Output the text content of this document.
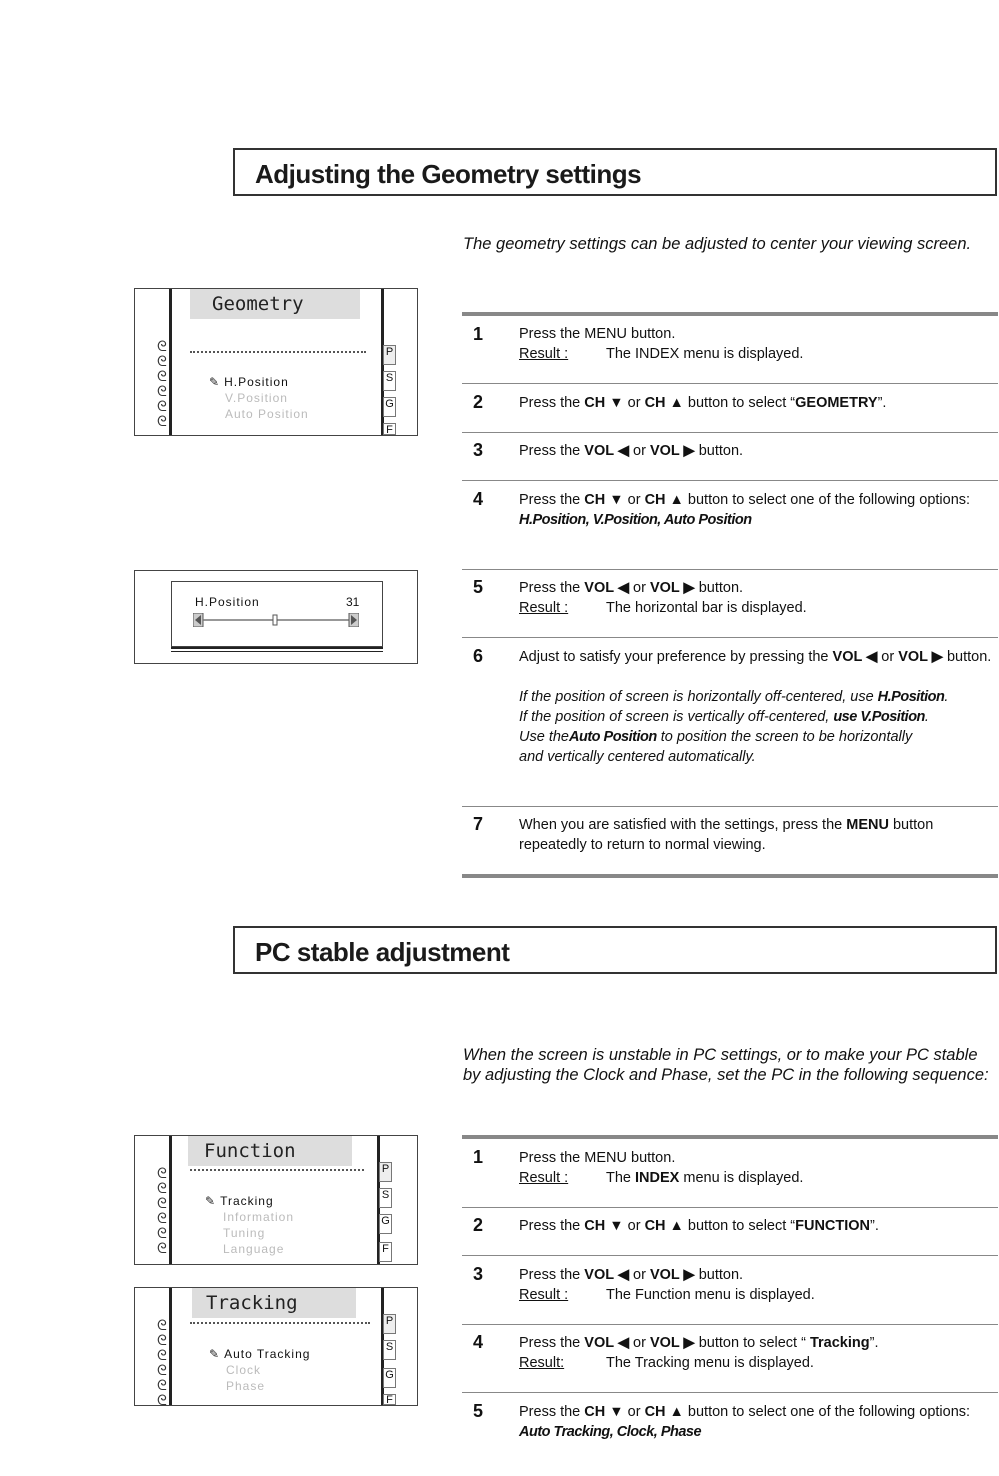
Adjusting the Geometry settings
The geometry settings can be adjusted to center your viewing screen.
ᘓ
ᘓ
ᘓ
ᘓ
ᘓ
ᘓ
Geometry
✎ H.Position
V.Position
Auto Position
P
S
G
F
H.Position	31
1 Press the MENU button.
Result :	The INDEX menu is displayed.
2 Press the CH ▼ or CH ▲ button to select “GEOMETRY”.
3 Press the VOL ◀ or VOL ▶ button.
4 Press the CH ▼ or CH ▲ button to select one of the following options:
H.Position, V.Position, Auto Position
5 Press the VOL ◀ or VOL ▶ button.
Result :	The horizontal bar is displayed.
6 Adjust to satisfy your preference by pressing the VOL ◀ or VOL ▶ button.
If the position of screen is horizontally off-centered, use H.Position.
If the position of screen is vertically off-centered, use V.Position.
Use theAuto Position to position the screen to be horizontally
and vertically centered automatically.
7 When you are satisfied with the settings, press the MENU button repeatedly to return to normal viewing.
PC stable adjustment
When the screen is unstable in PC settings, or to make your PC stable by adjusting the Clock and Phase, set the PC in the following sequence:
ᘓ
ᘓ
ᘓ
ᘓ
ᘓ
ᘓ
Function
✎ Tracking
Information
Tuning
Language
P
S
G
F
ᘓ
ᘓ
ᘓ
ᘓ
ᘓ
ᘓ
Tracking
✎ Auto Tracking
Clock
Phase
P
S
G
F
1 Press the MENU button.
Result :	The INDEX menu is displayed.
2 Press the CH ▼ or CH ▲ button to select “FUNCTION”.
3 Press the VOL ◀ or VOL ▶ button.
Result :	The Function menu is displayed.
4 Press the VOL ◀ or VOL ▶ button to select “ Tracking”.
Result:	The Tracking menu is displayed.
5 Press the CH ▼ or CH ▲ button to select one of the following options:
Auto Tracking, Clock, Phase
